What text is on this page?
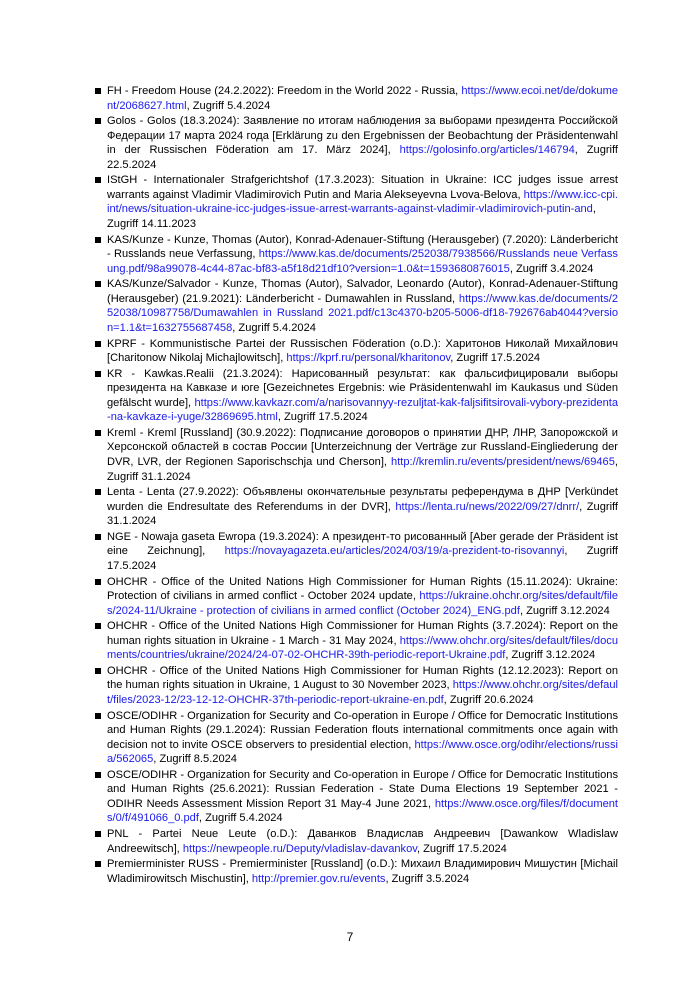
FH - Freedom House (24.2.2022): Freedom in the World 2022 - Russia, https://www.ecoi.net/de/dokument/2068627.html, Zugriff 5.4.2024
Golos - Golos (18.3.2024): Заявление по итогам наблюдения за выборами президента Российской Федерации 17 марта 2024 года [Erklärung zu den Ergebnissen der Beobachtung der Präsidentenwahl in der Russischen Föderation am 17. März 2024], https://golosinfo.org/articles/146794, Zugriff 22.5.2024
IStGH - Internationaler Strafgerichtshof (17.3.2023): Situation in Ukraine: ICC judges issue arrest warrants against Vladimir Vladimirovich Putin and Maria Alekseyevna Lvova-Belova, https://www.icc-cpi.int/news/situation-ukraine-icc-judges-issue-arrest-warrants-against-vladimir-vladimirovich-putin-and, Zugriff 14.11.2023
KAS/Kunze - Kunze, Thomas (Autor), Konrad-Adenauer-Stiftung (Herausgeber) (7.2020): Länderbericht - Russlands neue Verfassung, https://www.kas.de/documents/252038/7938566/Russlands neue Verfassung.pdf/98a99078-4c44-87ac-bf83-a5f18d21df10?version=1.0&t=1593680876015, Zugriff 3.4.2024
KAS/Kunze/Salvador - Kunze, Thomas (Autor), Salvador, Leonardo (Autor), Konrad-Adenauer-Stiftung (Herausgeber) (21.9.2021): Länderbericht - Dumawahlen in Russland, https://www.kas.de/documents/252038/10987758/Dumawahlen in Russland 2021.pdf/c13c4370-b205-5006-df18-792676ab4044?version=1.1&t=1632755687458, Zugriff 5.4.2024
KPRF - Kommunistische Partei der Russischen Föderation (o.D.): Харитонов Николай Михайлович [Charitonow Nikolaj Michajlowitsch], https://kprf.ru/personal/kharitonov, Zugriff 17.5.2024
KR - Kawkas.Realii (21.3.2024): Нарисованный результат: как фальсифицировали выборы президента на Кавказе и юге [Gezeichnetes Ergebnis: wie Präsidentenwahl im Kaukasus und Süden gefälscht wurde], https://www.kavkazr.com/a/narisovannyy-rezuljtat-kak-faljsifitsirovali-vybory-prezidenta-na-kavkaze-i-yuge/32869695.html, Zugriff 17.5.2024
Kreml - Kreml [Russland] (30.9.2022): Подписание договоров о принятии ДНР, ЛНР, Запорожской и Херсонской областей в состав России [Unterzeichnung der Verträge zur Russland-Eingliederung der DVR, LVR, der Regionen Saporischschja und Cherson], http://kremlin.ru/events/president/news/69465, Zugriff 31.1.2024
Lenta - Lenta (27.9.2022): Объявлены окончательные результаты референдума в ДНР [Verkündet wurden die Endresultate des Referendums in der DVR], https://lenta.ru/news/2022/09/27/dnrr/, Zugriff 31.1.2024
NGE - Nowaja gaseta Ewropa (19.3.2024): А президент-то рисованный [Aber gerade der Präsident ist eine Zeichnung], https://novayagazeta.eu/articles/2024/03/19/a-prezident-to-risovannyi, Zugriff 17.5.2024
OHCHR - Office of the United Nations High Commissioner for Human Rights (15.11.2024): Ukraine: Protection of civilians in armed conflict - October 2024 update, https://ukraine.ohchr.org/sites/default/files/2024-11/Ukraine - protection of civilians in armed conflict (October 2024)_ENG.pdf, Zugriff 3.12.2024
OHCHR - Office of the United Nations High Commissioner for Human Rights (3.7.2024): Report on the human rights situation in Ukraine - 1 March - 31 May 2024, https://www.ohchr.org/sites/default/files/documents/countries/ukraine/2024/24-07-02-OHCHR-39th-periodic-report-Ukraine.pdf, Zugriff 3.12.2024
OHCHR - Office of the United Nations High Commissioner for Human Rights (12.12.2023): Report on the human rights situation in Ukraine, 1 August to 30 November 2023, https://www.ohchr.org/sites/default/files/2023-12/23-12-12-OHCHR-37th-periodic-report-ukraine-en.pdf, Zugriff 20.6.2024
OSCE/ODIHR - Organization for Security and Co-operation in Europe / Office for Democratic Institutions and Human Rights (29.1.2024): Russian Federation flouts international commitments once again with decision not to invite OSCE observers to presidential election, https://www.osce.org/odihr/elections/russia/562065, Zugriff 8.5.2024
OSCE/ODIHR - Organization for Security and Co-operation in Europe / Office for Democratic Institutions and Human Rights (25.6.2021): Russian Federation - State Duma Elections 19 September 2021 - ODIHR Needs Assessment Mission Report 31 May-4 June 2021, https://www.osce.org/files/f/documents/0/f/491066_0.pdf, Zugriff 5.4.2024
PNL - Partei Neue Leute (o.D.): Даванков Владислав Андреевич [Dawankow Wladislaw Andreewitsch], https://newpeople.ru/Deputy/vladislav-davankov, Zugriff 17.5.2024
Premierminister RUSS - Premierminister [Russland] (o.D.): Михаил Владимирович Мишустин [Michail Wladimirowitsch Mischustin], http://premier.gov.ru/events, Zugriff 3.5.2024
7
